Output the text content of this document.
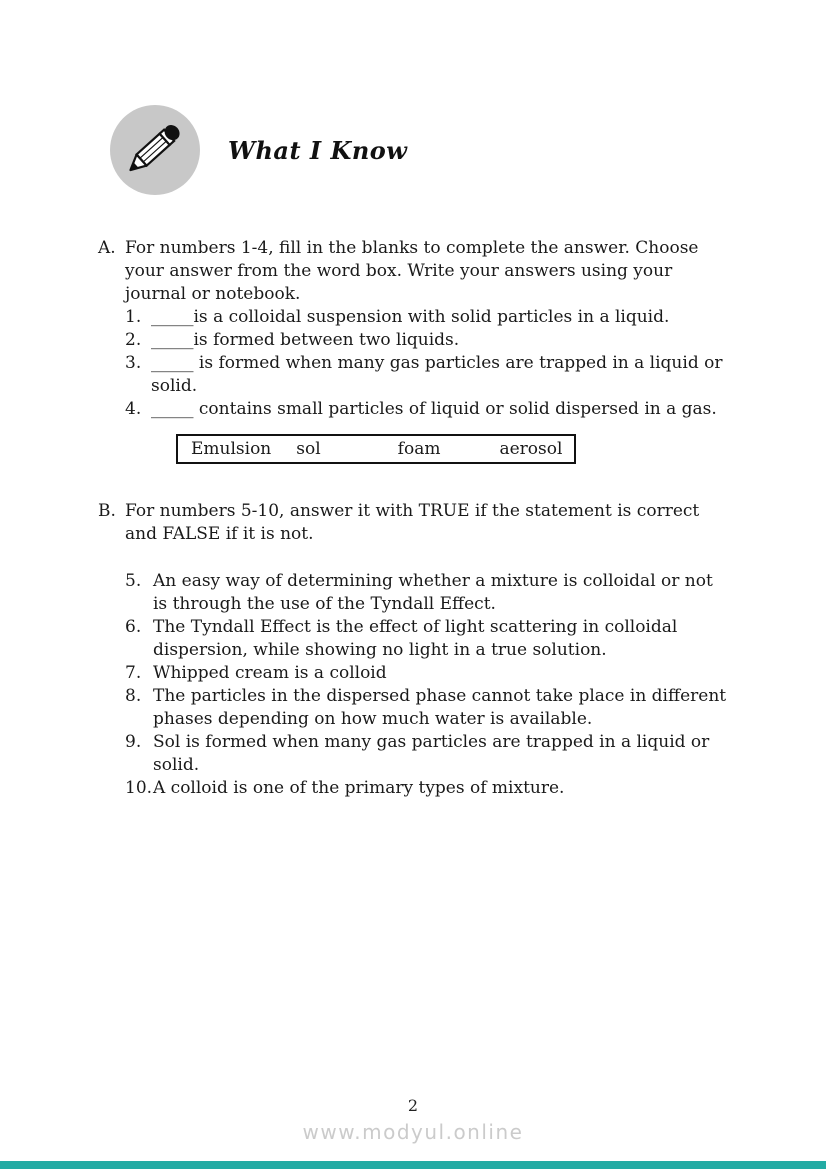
What I Know
A. For numbers 1-4, fill in the blanks to complete the answer. Choose your answer from the word box. Write your answers using your journal or notebook.
1. _____is a colloidal suspension with solid particles in a liquid.
2. _____is formed between two liquids.
3. _____ is formed when many gas particles are trapped in a liquid or solid.
4. _____ contains small particles of liquid or solid dispersed in a gas.
Emulsion sol	foam	aerosol
B. For numbers 5-10, answer it with TRUE if the statement is correct and FALSE if it is not.
5. An easy way of determining whether a mixture is colloidal or not is through the use of the Tyndall Effect.
6. The Tyndall Effect is the effect of light scattering in colloidal dispersion, while showing no light in a true solution.
7. Whipped cream is a colloid
8. The particles in the dispersed phase cannot take place in different phases depending on how much water is available.
9. Sol is formed when many gas particles are trapped in a liquid or solid.
10. A colloid is one of the primary types of mixture.
2
www.modyul.online
